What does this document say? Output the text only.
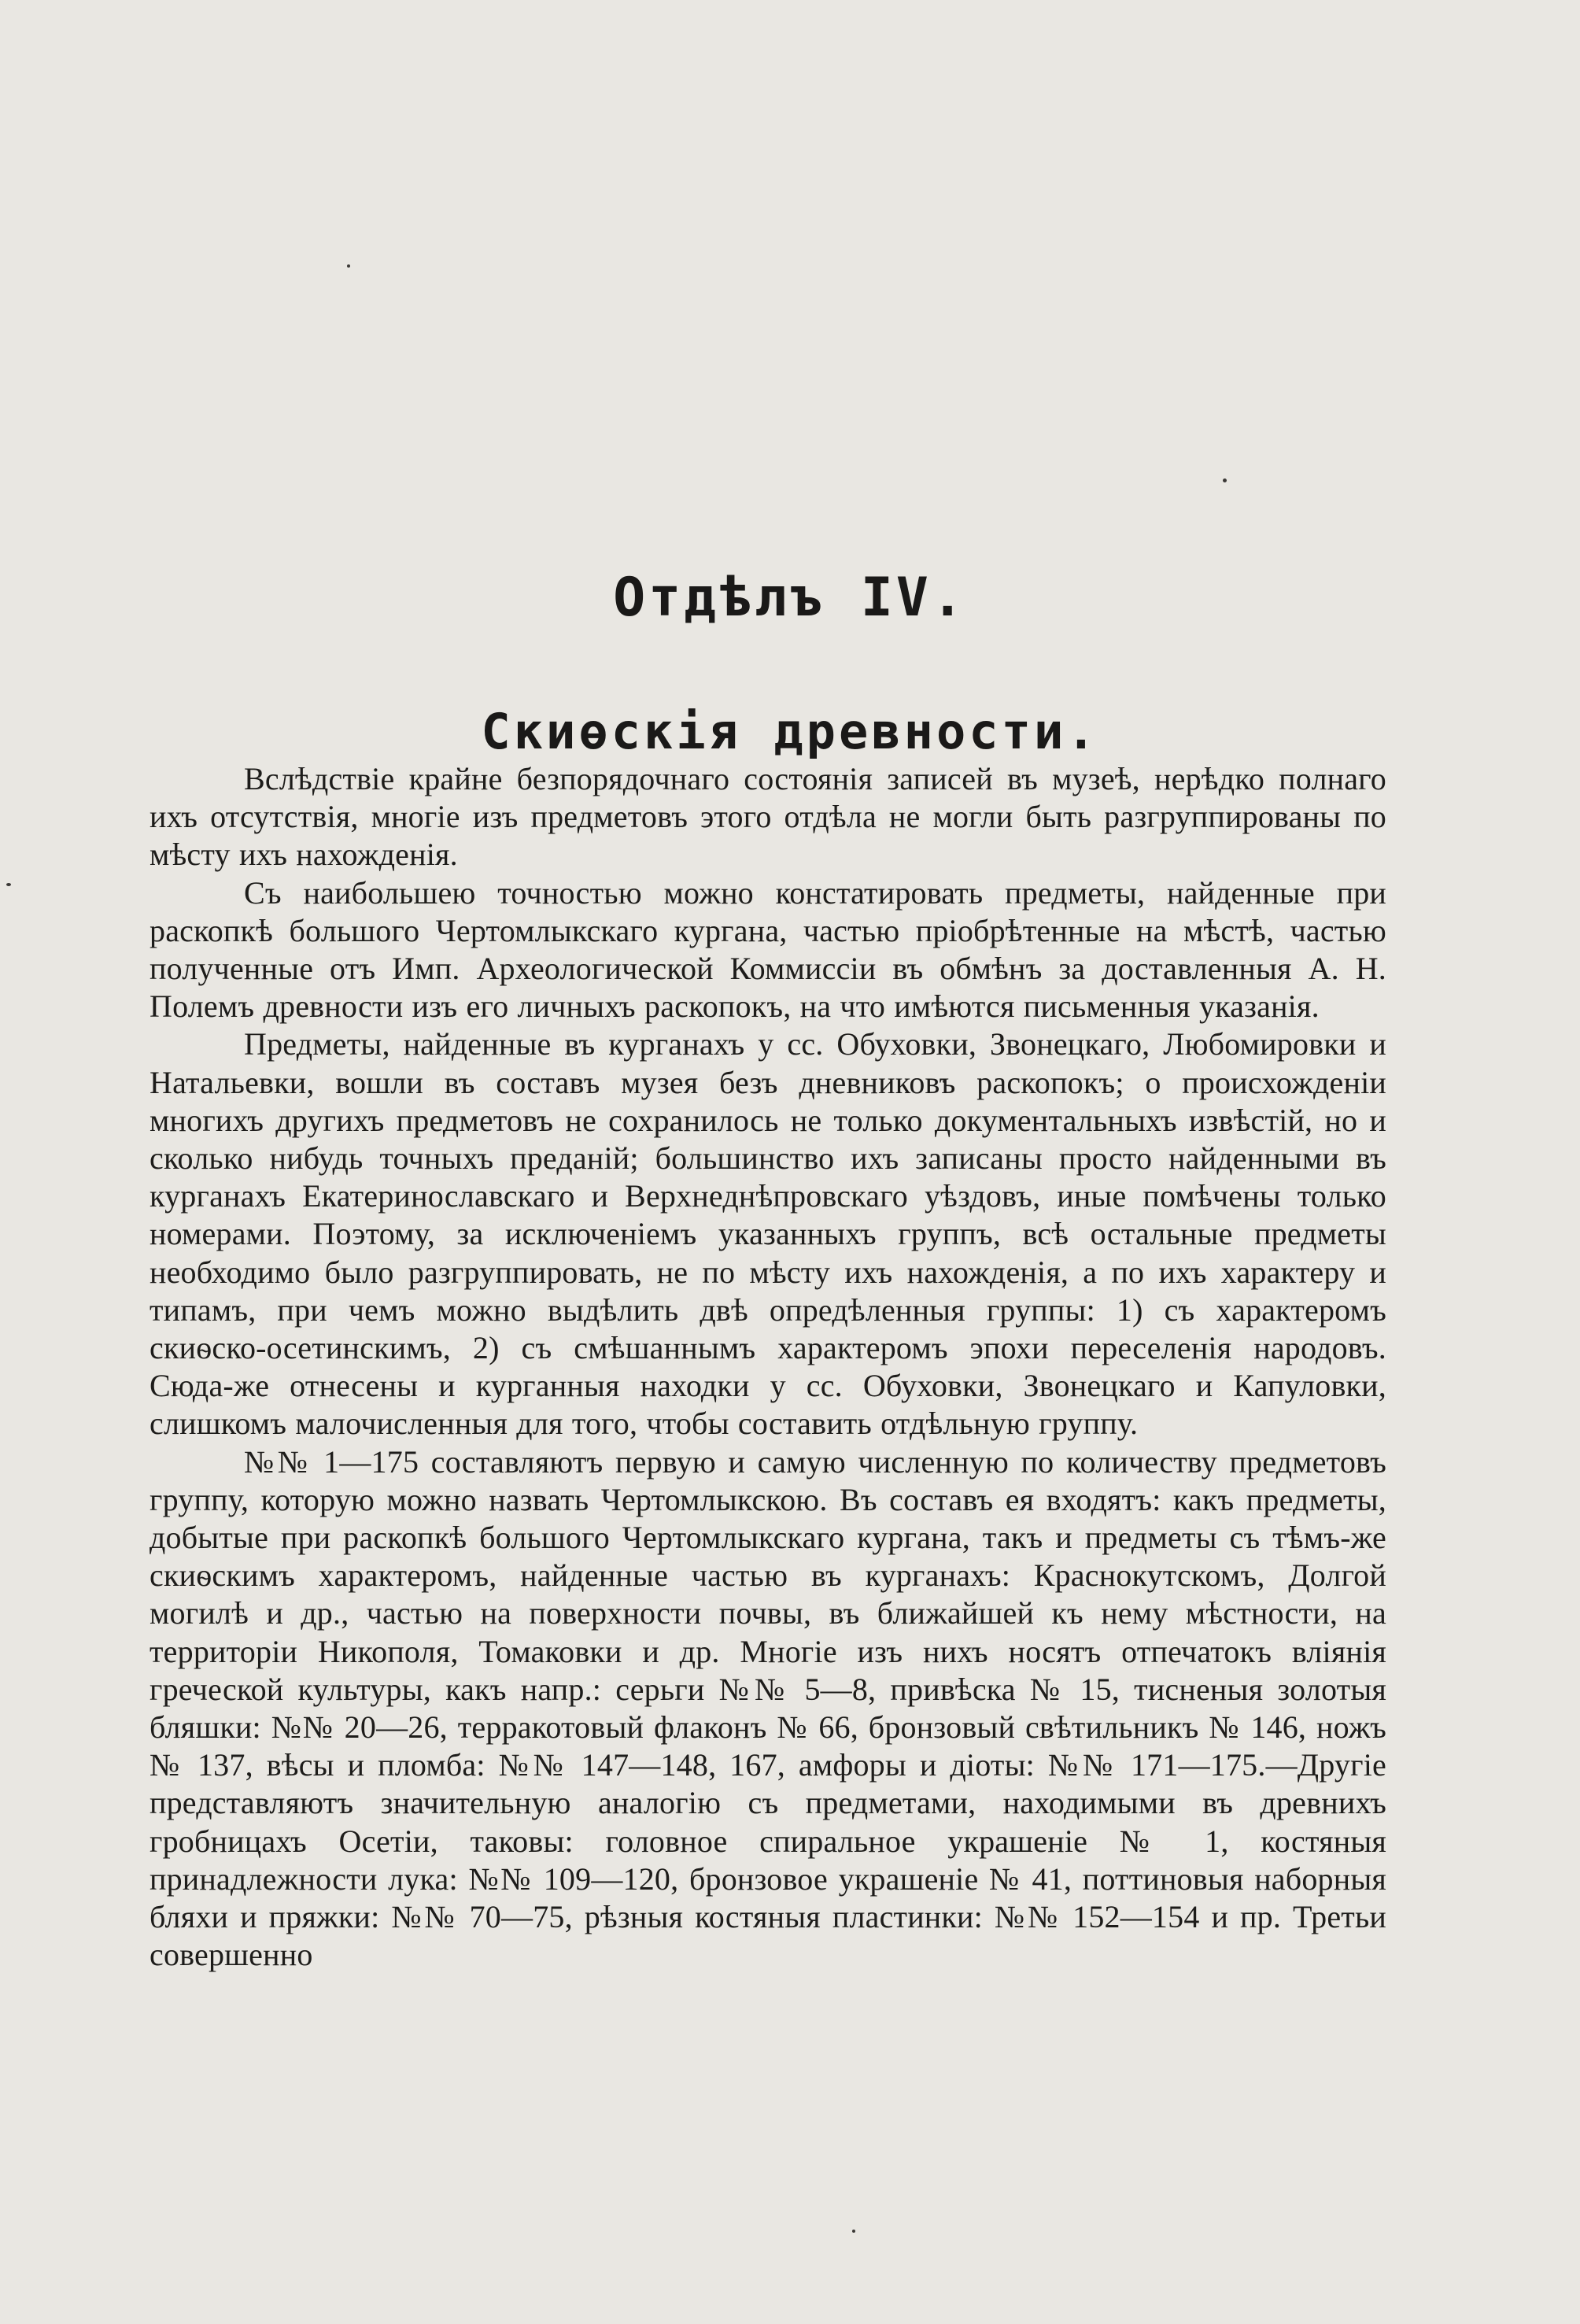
Отдѣлъ IV.
Скиѳскія древности.

Вслѣдствіе крайне безпорядочнаго состоянія записей въ музеѣ, нерѣдко полнаго ихъ отсутствія, многіе изъ предметовъ этого отдѣла не могли быть разгруппированы по мѣсту ихъ нахожденія.

Съ наибольшею точностью можно констатировать предметы, найденные при раскопкѣ большого Чертомлыкскаго кургана, частью пріобрѣтенные на мѣстѣ, частью полученные отъ Имп. Археологической Коммиссіи въ обмѣнъ за доставленныя А. Н. Полемъ древности изъ его личныхъ раскопокъ, на что имѣются письменныя указанія.

Предметы, найденные въ курганахъ у сс. Обуховки, Звонецкаго, Любомировки и Натальевки, вошли въ составъ музея безъ дневниковъ раскопокъ; о происхожденіи многихъ другихъ предметовъ не сохранилось не только документальныхъ извѣстій, но и сколько нибудь точныхъ преданій; большинство ихъ записаны просто найденными въ курганахъ Екатеринославскаго и Верхнеднѣпровскаго уѣздовъ, иные помѣчены только номерами. Поэтому, за исключеніемъ указанныхъ группъ, всѣ остальные предметы необходимо было разгруппировать, не по мѣсту ихъ нахожденія, а по ихъ характеру и типамъ, при чемъ можно выдѣлить двѣ опредѣленныя группы: 1) съ характеромъ скиѳско-осетинскимъ, 2) съ смѣшаннымъ характеромъ эпохи переселенія народовъ. Сюда-же отнесены и курганныя находки у сс. Обуховки, Звонецкаго и Капуловки, слишкомъ малочисленныя для того, чтобы составить отдѣльную группу.

№№ 1—175 составляютъ первую и самую численную по количеству предметовъ группу, которую можно назвать Чертомлыкскою. Въ составъ ея входятъ: какъ предметы, добытые при раскопкѣ большого Чертомлыкскаго кургана, такъ и предметы съ тѣмъ-же скиѳскимъ характеромъ, найденные частью въ курганахъ: Краснокутскомъ, Долгой могилѣ и др., частью на поверхности почвы, въ ближайшей къ нему мѣстности, на территоріи Никополя, Томаковки и др. Многіе изъ нихъ носятъ отпечатокъ вліянія греческой культуры, какъ напр.: серьги №№ 5—8, привѣска № 15, тисненыя золотыя бляшки: №№ 20—26, терракотовый флаконъ № 66, бронзовый свѣтильникъ № 146, ножъ № 137, вѣсы и пломба: №№ 147—148, 167, амфоры и діоты: №№ 171—175.—Другіе представляютъ значительную аналогію съ предметами, находимыми въ древнихъ гробницахъ Осетіи, таковы: головное спиральное украшеніе № 1, костяныя принадлежности лука: №№ 109—120, бронзовое украшеніе № 41, поттиновыя наборныя бляхи и пряжки: №№ 70—75, рѣзныя костяныя пластинки: №№ 152—154 и пр. Третьи совершенно
